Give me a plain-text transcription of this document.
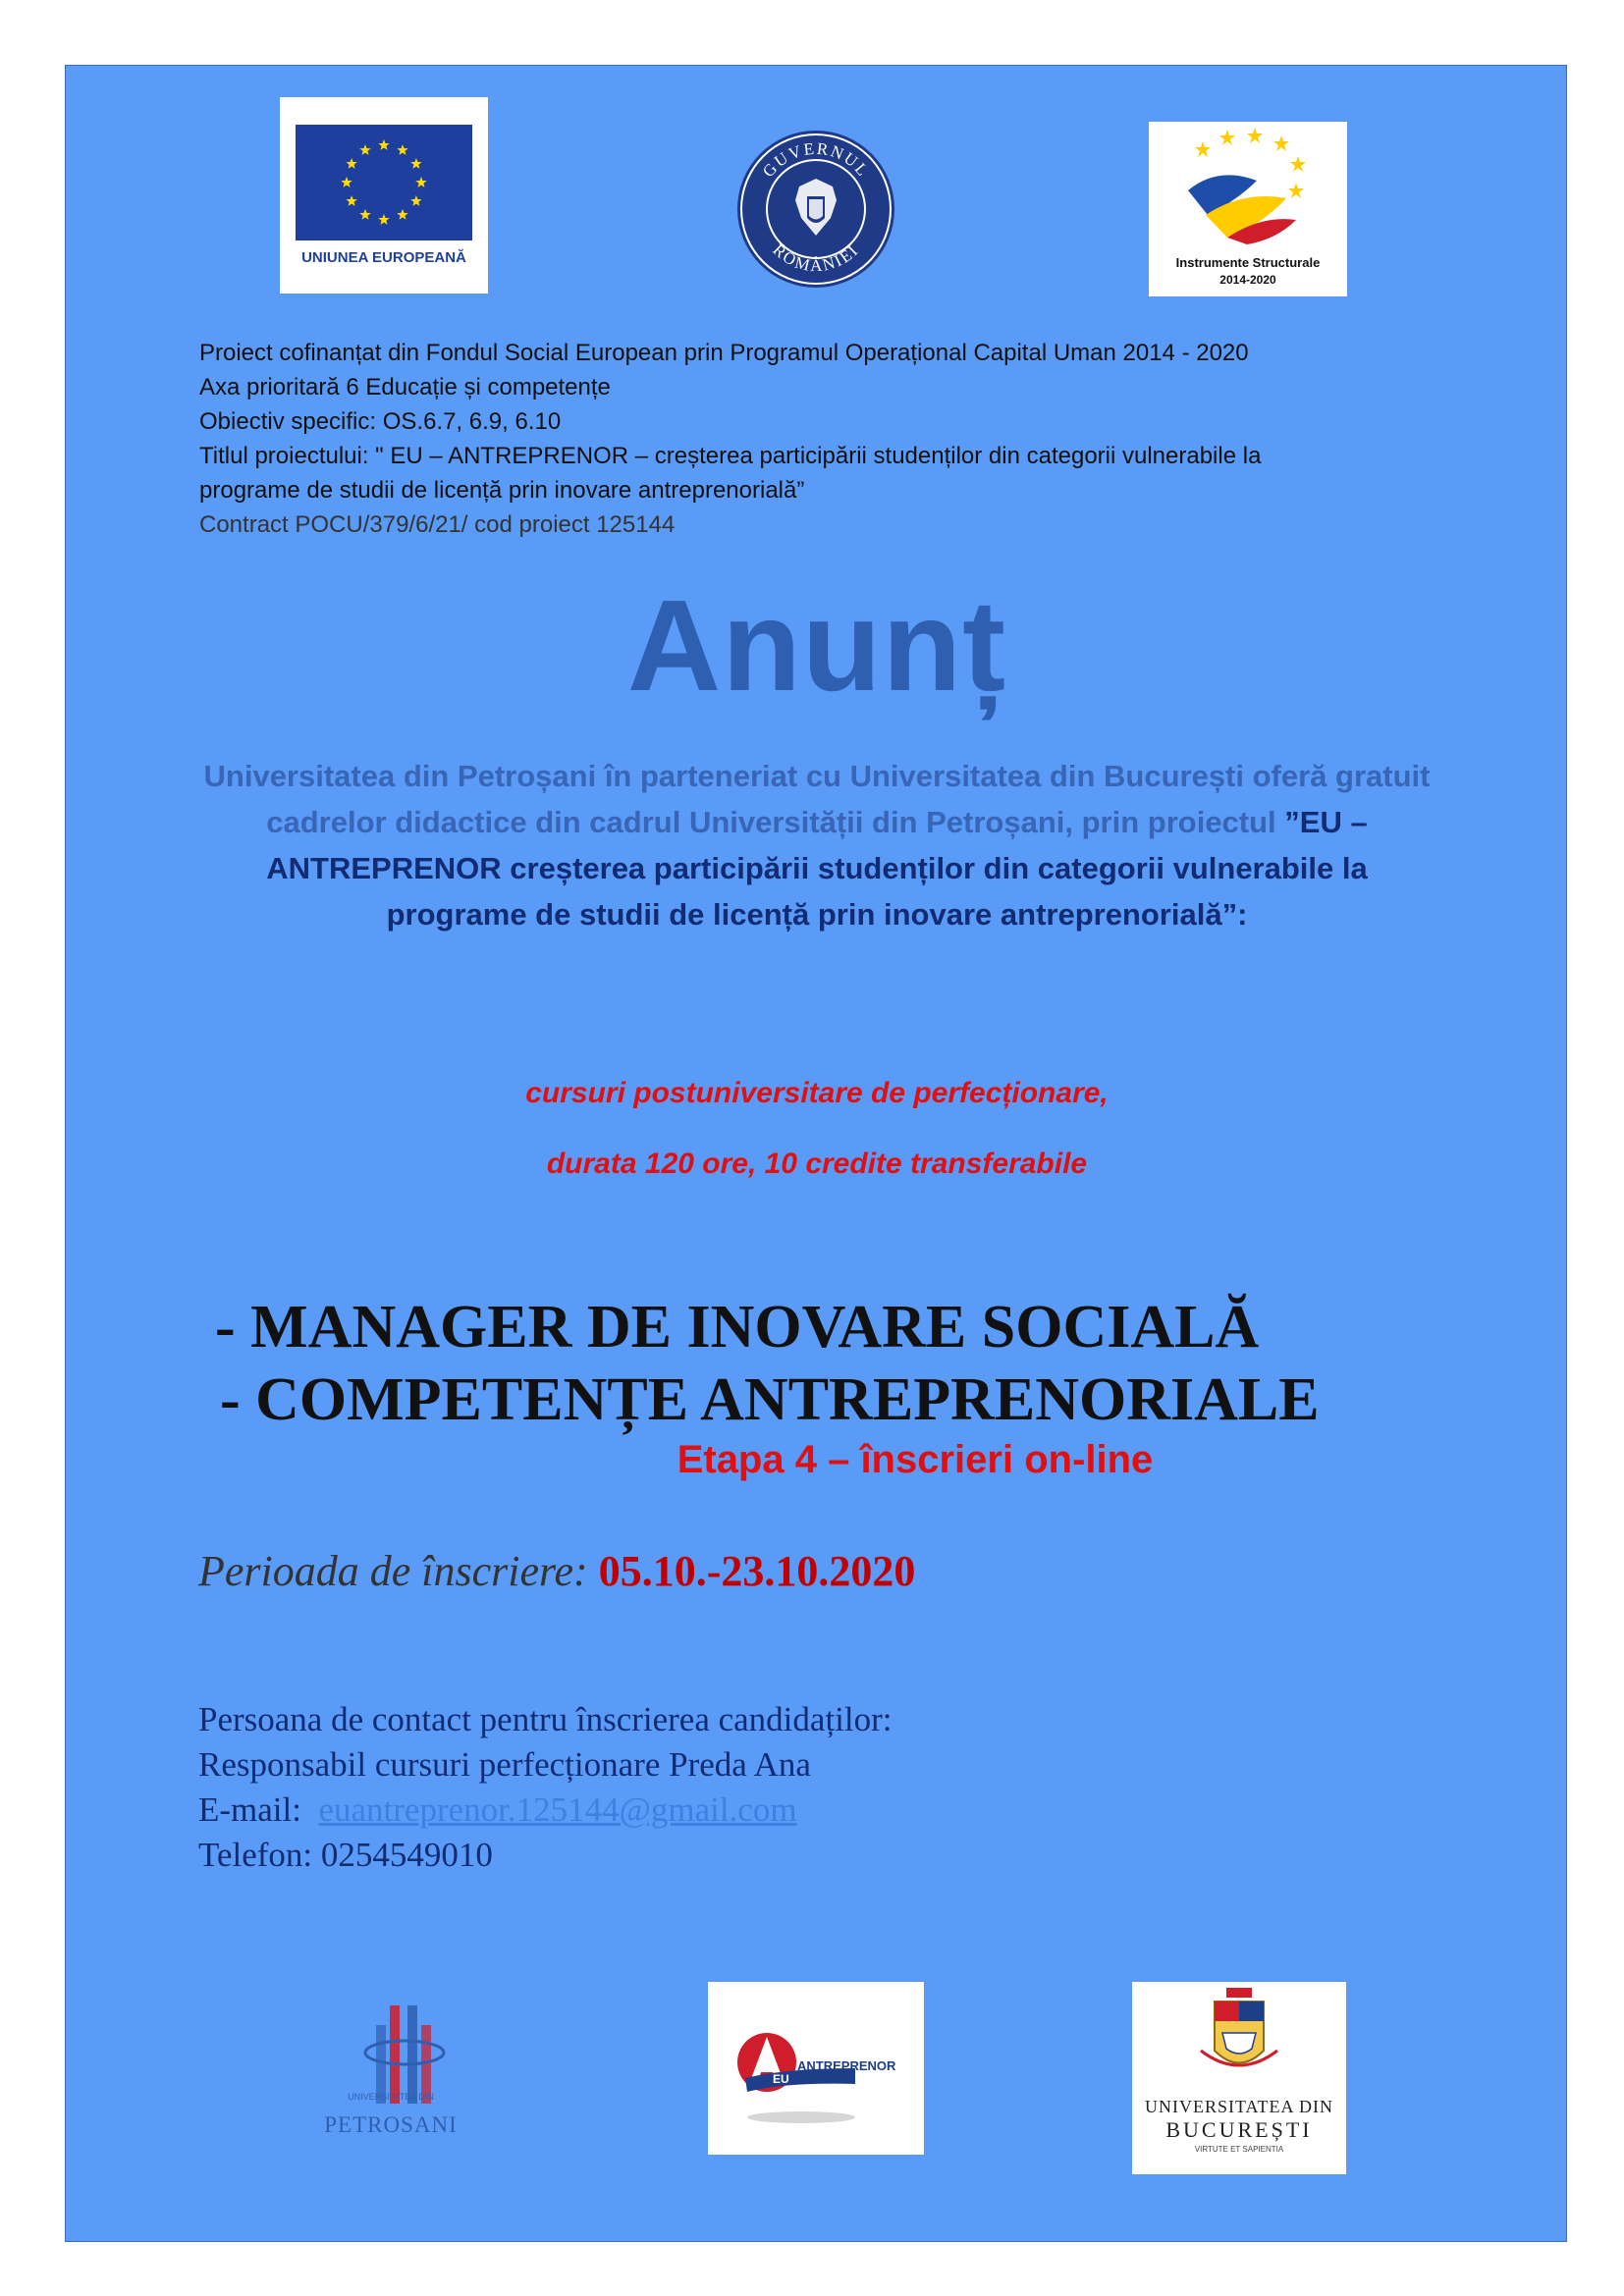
UNIUNEA EUROPEANĂ
GUVERNUL
ROMÂNIEI
Instrumente Structurale
2014-2020
Proiect cofinanțat din Fondul Social European prin Programul Operațional Capital Uman 2014 - 2020
Axa prioritară 6 Educație și competențe
Obiectiv specific: OS.6.7, 6.9, 6.10
Titlul proiectului: " EU – ANTREPRENOR – creșterea participării studenților din categorii vulnerabile la
programe de studii de licență prin inovare antreprenorială”
Contract POCU/379/6/21/ cod proiect 125144
Anunț
Universitatea din Petroșani în parteneriat cu Universitatea din București oferă gratuit cadrelor didactice din cadrul Universității din Petroșani, prin proiectul ”EU – ANTREPRENOR creșterea participării studenților din categorii vulnerabile la programe de studii de licență prin inovare antreprenorială”:
cursuri postuniversitare de perfecționare,
durata 120 ore, 10 credite transferabile
- MANAGER DE INOVARE SOCIALĂ
- COMPETENȚE ANTREPRENORIALE
Etapa 4 – înscrieri on-line
Perioada de înscriere: 05.10.-23.10.2020
Persoana de contact pentru înscrierea candidaților:
Responsabil cursuri perfecționare Preda Ana
E-mail:  euantreprenor.125144@gmail.com
Telefon: 0254549010
UNIVERSITATEA DIN
PETROSANI
EU
ANTREPRENOR
UNIVERSITATEA DIN
BUCUREȘTI
VIRTUTE ET SAPIENTIA
